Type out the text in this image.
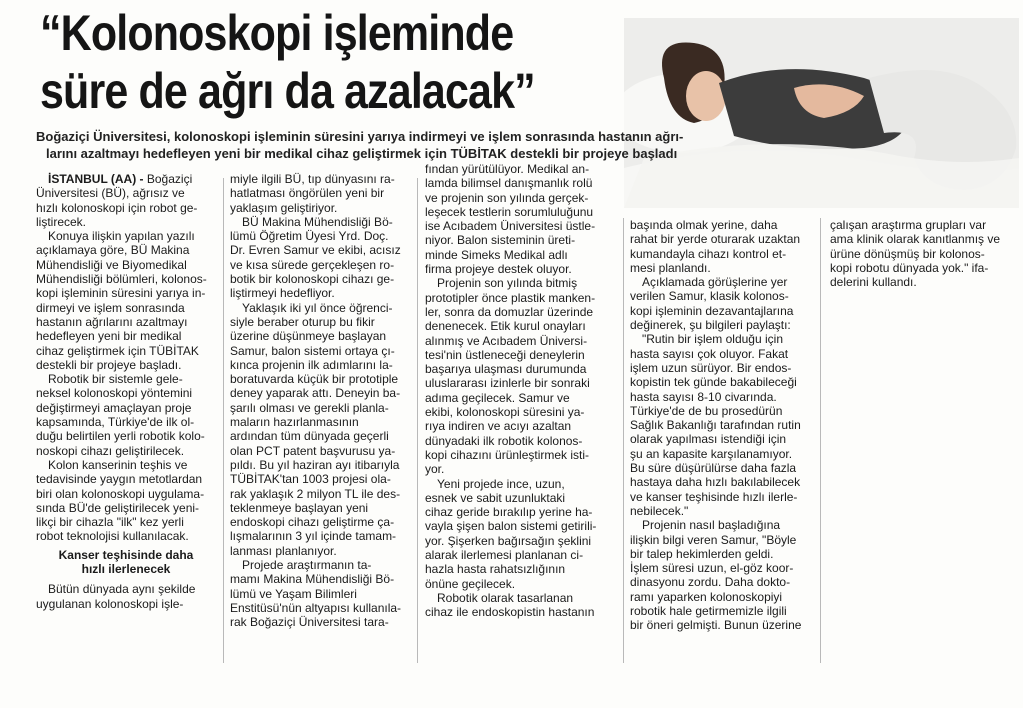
“Kolonoskopi işleminde
süre de ağrı da azalacak”

Boğaziçi Üniversitesi, kolonoskopi işleminin süresini yarıya indirmeyi ve işlem sonrasında hastanın ağrı-
larını azaltmayı hedefleyen yeni bir medikal cihaz geliştirmek için TÜBİTAK destekli bir projeye başladı

İSTANBUL (AA) - Boğaziçi
Üniversitesi (BÜ), ağrısız ve
hızlı kolonoskopi için robot ge-
liştirecek.
Konuya ilişkin yapılan yazılı
açıklamaya göre, BÜ Makina
Mühendisliği ve Biyomedikal
Mühendisliği bölümleri, kolonos-
kopi işleminin süresini yarıya in-
dirmeyi ve işlem sonrasında
hastanın ağrılarını azaltmayı
hedefleyen yeni bir medikal
cihaz geliştirmek için TÜBİTAK
destekli bir projeye başladı.
Robotik bir sistemle gele-
neksel kolonoskopi yöntemini
değiştirmeyi amaçlayan proje
kapsamında, Türkiye'de ilk ol-
duğu belirtilen yerli robotik kolo-
noskopi cihazı geliştirilecek.
Kolon kanserinin teşhis ve
tedavisinde yaygın metotlardan
biri olan kolonoskopi uygulama-
sında BÜ'de geliştirilecek yeni-
likçi bir cihazla "ilk" kez yerli
robot teknolojisi kullanılacak.
Kanser teşhisinde daha
hızlı ilerlenecek
Bütün dünyada aynı şekilde
uygulanan kolonoskopi işle-
miyle ilgili BÜ, tıp dünyasını ra-
hatlatması öngörülen yeni bir
yaklaşım geliştiriyor.
BÜ Makina Mühendisliği Bö-
lümü Öğretim Üyesi Yrd. Doç.
Dr. Evren Samur ve ekibi, acısız
ve kısa sürede gerçekleşen ro-
botik bir kolonoskopi cihazı ge-
liştirmeyi hedefliyor.
Yaklaşık iki yıl önce öğrenci-
siyle beraber oturup bu fikir
üzerine düşünmeye başlayan
Samur, balon sistemi ortaya çı-
kınca projenin ilk adımlarını la-
boratuvarda küçük bir prototiple
deney yaparak attı. Deneyin ba-
şarılı olması ve gerekli planla-
maların hazırlanmasının
ardından tüm dünyada geçerli
olan PCT patent başvurusu ya-
pıldı. Bu yıl haziran ayı itibarıyla
TÜBİTAK'tan 1003 projesi ola-
rak yaklaşık 2 milyon TL ile des-
teklenmeye başlayan yeni
endoskopi cihazı geliştirme ça-
lışmalarının 3 yıl içinde tamam-
lanması planlanıyor.
Projede araştırmanın ta-
mamı Makina Mühendisliği Bö-
lümü ve Yaşam Bilimleri
Enstitüsü'nün altyapısı kullanıla-
rak Boğaziçi Üniversitesi tara-
fından yürütülüyor. Medikal an-
lamda bilimsel danışmanlık rolü
ve projenin son yılında gerçek-
leşecek testlerin sorumluluğunu
ise Acıbadem Üniversitesi üstle-
niyor. Balon sisteminin üreti-
minde Simeks Medikal adlı
firma projeye destek oluyor.
Projenin son yılında bitmiş
prototipler önce plastik manken-
ler, sonra da domuzlar üzerinde
denenecek. Etik kurul onayları
alınmış ve Acıbadem Üniversi-
tesi'nin üstleneceği deneylerin
başarıya ulaşması durumunda
uluslararası izinlerle bir sonraki
adıma geçilecek. Samur ve
ekibi, kolonoskopi süresini ya-
rıya indiren ve acıyı azaltan
dünyadaki ilk robotik kolonos-
kopi cihazını ürünleştirmek isti-
yor.
Yeni projede ince, uzun,
esnek ve sabit uzunluktaki
cihaz geride bırakılıp yerine ha-
vayla şişen balon sistemi getirili-
yor. Şişerken bağırsağın şeklini
alarak ilerlemesi planlanan ci-
hazla hasta rahatsızlığının
önüne geçilecek.
Robotik olarak tasarlanan
cihaz ile endoskopistin hastanın
başında olmak yerine, daha
rahat bir yerde oturarak uzaktan
kumandayla cihazı kontrol et-
mesi planlandı.
Açıklamada görüşlerine yer
verilen Samur, klasik kolonos-
kopi işleminin dezavantajlarına
değinerek, şu bilgileri paylaştı:
"Rutin bir işlem olduğu için
hasta sayısı çok oluyor. Fakat
işlem uzun sürüyor. Bir endos-
kopistin tek günde bakabileceği
hasta sayısı 8-10 civarında.
Türkiye'de de bu prosedürün
Sağlık Bakanlığı tarafından rutin
olarak yapılması istendiği için
şu an kapasite karşılanamıyor.
Bu süre düşürülürse daha fazla
hastaya daha hızlı bakılabilecek
ve kanser teşhisinde hızlı ilerle-
nebilecek."
Projenin nasıl başladığına
ilişkin bilgi veren Samur, "Böyle
bir talep hekimlerden geldi.
İşlem süresi uzun, el-göz koor-
dinasyonu zordu. Daha dokto-
ramı yaparken kolonoskopiyi
robotik hale getirmemizle ilgili
bir öneri gelmişti. Bunun üzerine
çalışan araştırma grupları var
ama klinik olarak kanıtlanmış ve
ürüne dönüşmüş bir kolonos-
kopi robotu dünyada yok." ifa-
delerini kullandı.
